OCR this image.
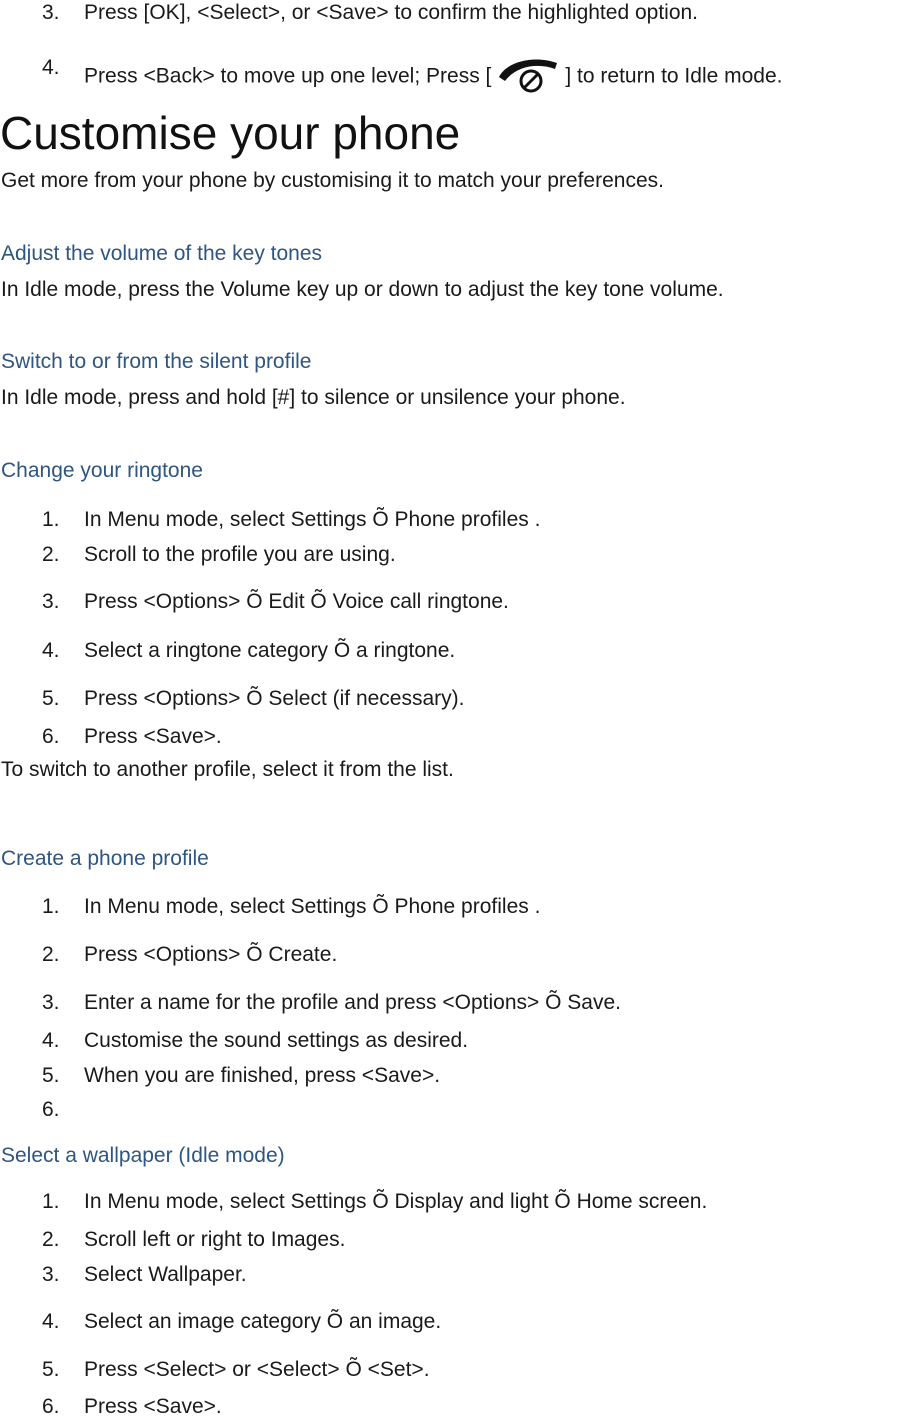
3. Press [OK], <Select>, or <Save> to confirm the highlighted option.
4. Press <Back> to move up one level; Press [	] to return to Idle mode.
Customise your phone
Get more from your phone by customising it to match your preferences.
Adjust the volume of the key tones
In Idle mode, press the Volume key up or down to adjust the key tone volume.
Switch to or from the silent profile
In Idle mode, press and hold [#] to silence or unsilence your phone.
Change your ringtone
1. In Menu mode, select Settings Õ Phone profiles .
2. Scroll to the profile you are using.
3. Press <Options> Õ Edit Õ Voice call ringtone.
4. Select a ringtone category Õ a ringtone.
5. Press <Options> Õ Select (if necessary).
6. Press <Save>.
To switch to another profile, select it from the list.
Create a phone profile
1. In Menu mode, select Settings Õ Phone profiles .
2. Press <Options> Õ Create.
3. Enter a name for the profile and press <Options> Õ Save.
4. Customise the sound settings as desired.
5. When you are finished, press <Save>.
6.
Select a wallpaper (Idle mode)
1. In Menu mode, select Settings Õ Display and light Õ Home screen.
2. Scroll left or right to Images.
3. Select Wallpaper.
4. Select an image category Õ an image.
5. Press <Select> or <Select> Õ <Set>.
6. Press <Save>.
